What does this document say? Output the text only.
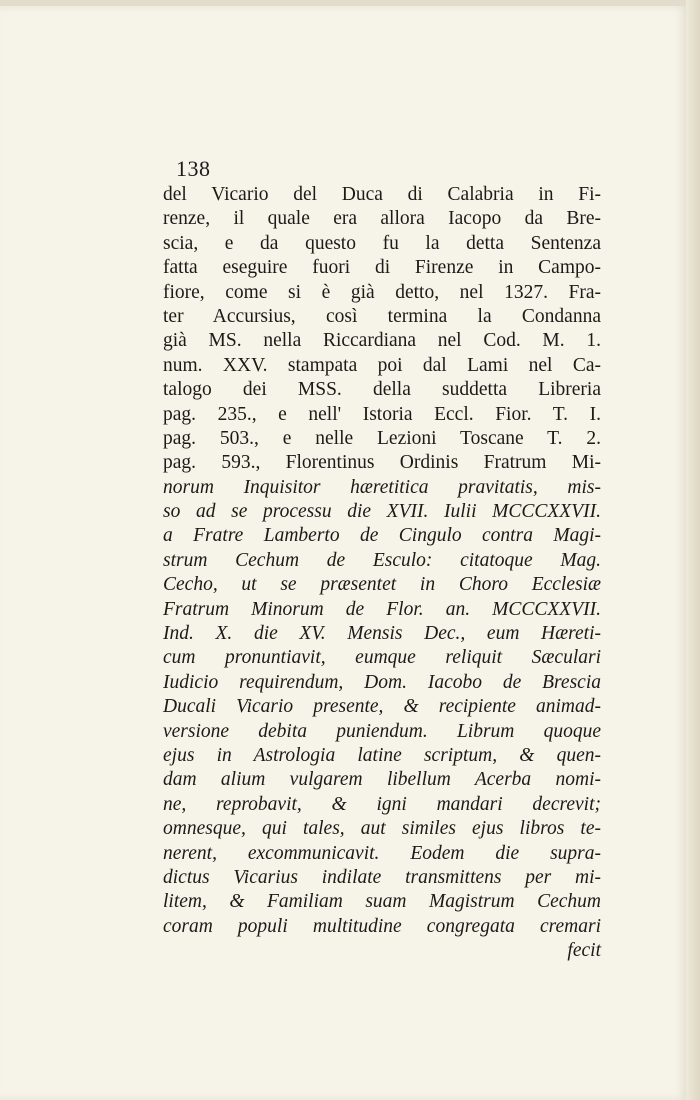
138
del Vicario del Duca di Calabria in Fi-
renze, il quale era allora Iacopo da Bre-
scia, e da questo fu la detta Sentenza
fatta eseguire fuori di Firenze in Campo-
fiore, come si è già detto, nel 1327. Fra-
ter Accursius, così termina la Condanna
già MS. nella Riccardiana nel Cod. M. 1.
num. XXV. stampata poi dal Lami nel Ca-
talogo dei MSS. della suddetta Libreria
pag. 235., e nell' Istoria Eccl. Fior. T. I.
pag. 503., e nelle Lezioni Toscane T. 2.
pag. 593., Florentinus Ordinis Fratrum Mi-
norum Inquisitor hæretitica pravitatis, mis-
so ad se processu die XVII. Iulii MCCCXXVII.
a Fratre Lamberto de Cingulo contra Magi-
strum Cechum de Esculo: citatoque Mag.
Cecho, ut se præsentet in Choro Ecclesiæ
Fratrum Minorum de Flor. an. MCCCXXVII.
Ind. X. die XV. Mensis Dec., eum Hæreti-
cum pronuntiavit, eumque reliquit Sæculari
Iudicio requirendum, Dom. Iacobo de Brescia
Ducali Vicario presente, & recipiente animad-
versione debita puniendum. Librum quoque
ejus in Astrologia latine scriptum, & quen-
dam alium vulgarem libellum Acerba nomi-
ne, reprobavit, & igni mandari decrevit;
omnesque, qui tales, aut similes ejus libros te-
nerent, excommunicavit. Eodem die supra-
dictus Vicarius indilate transmittens per mi-
litem, & Familiam suam Magistrum Cechum
coram populi multitudine congregata cremari
fecit
